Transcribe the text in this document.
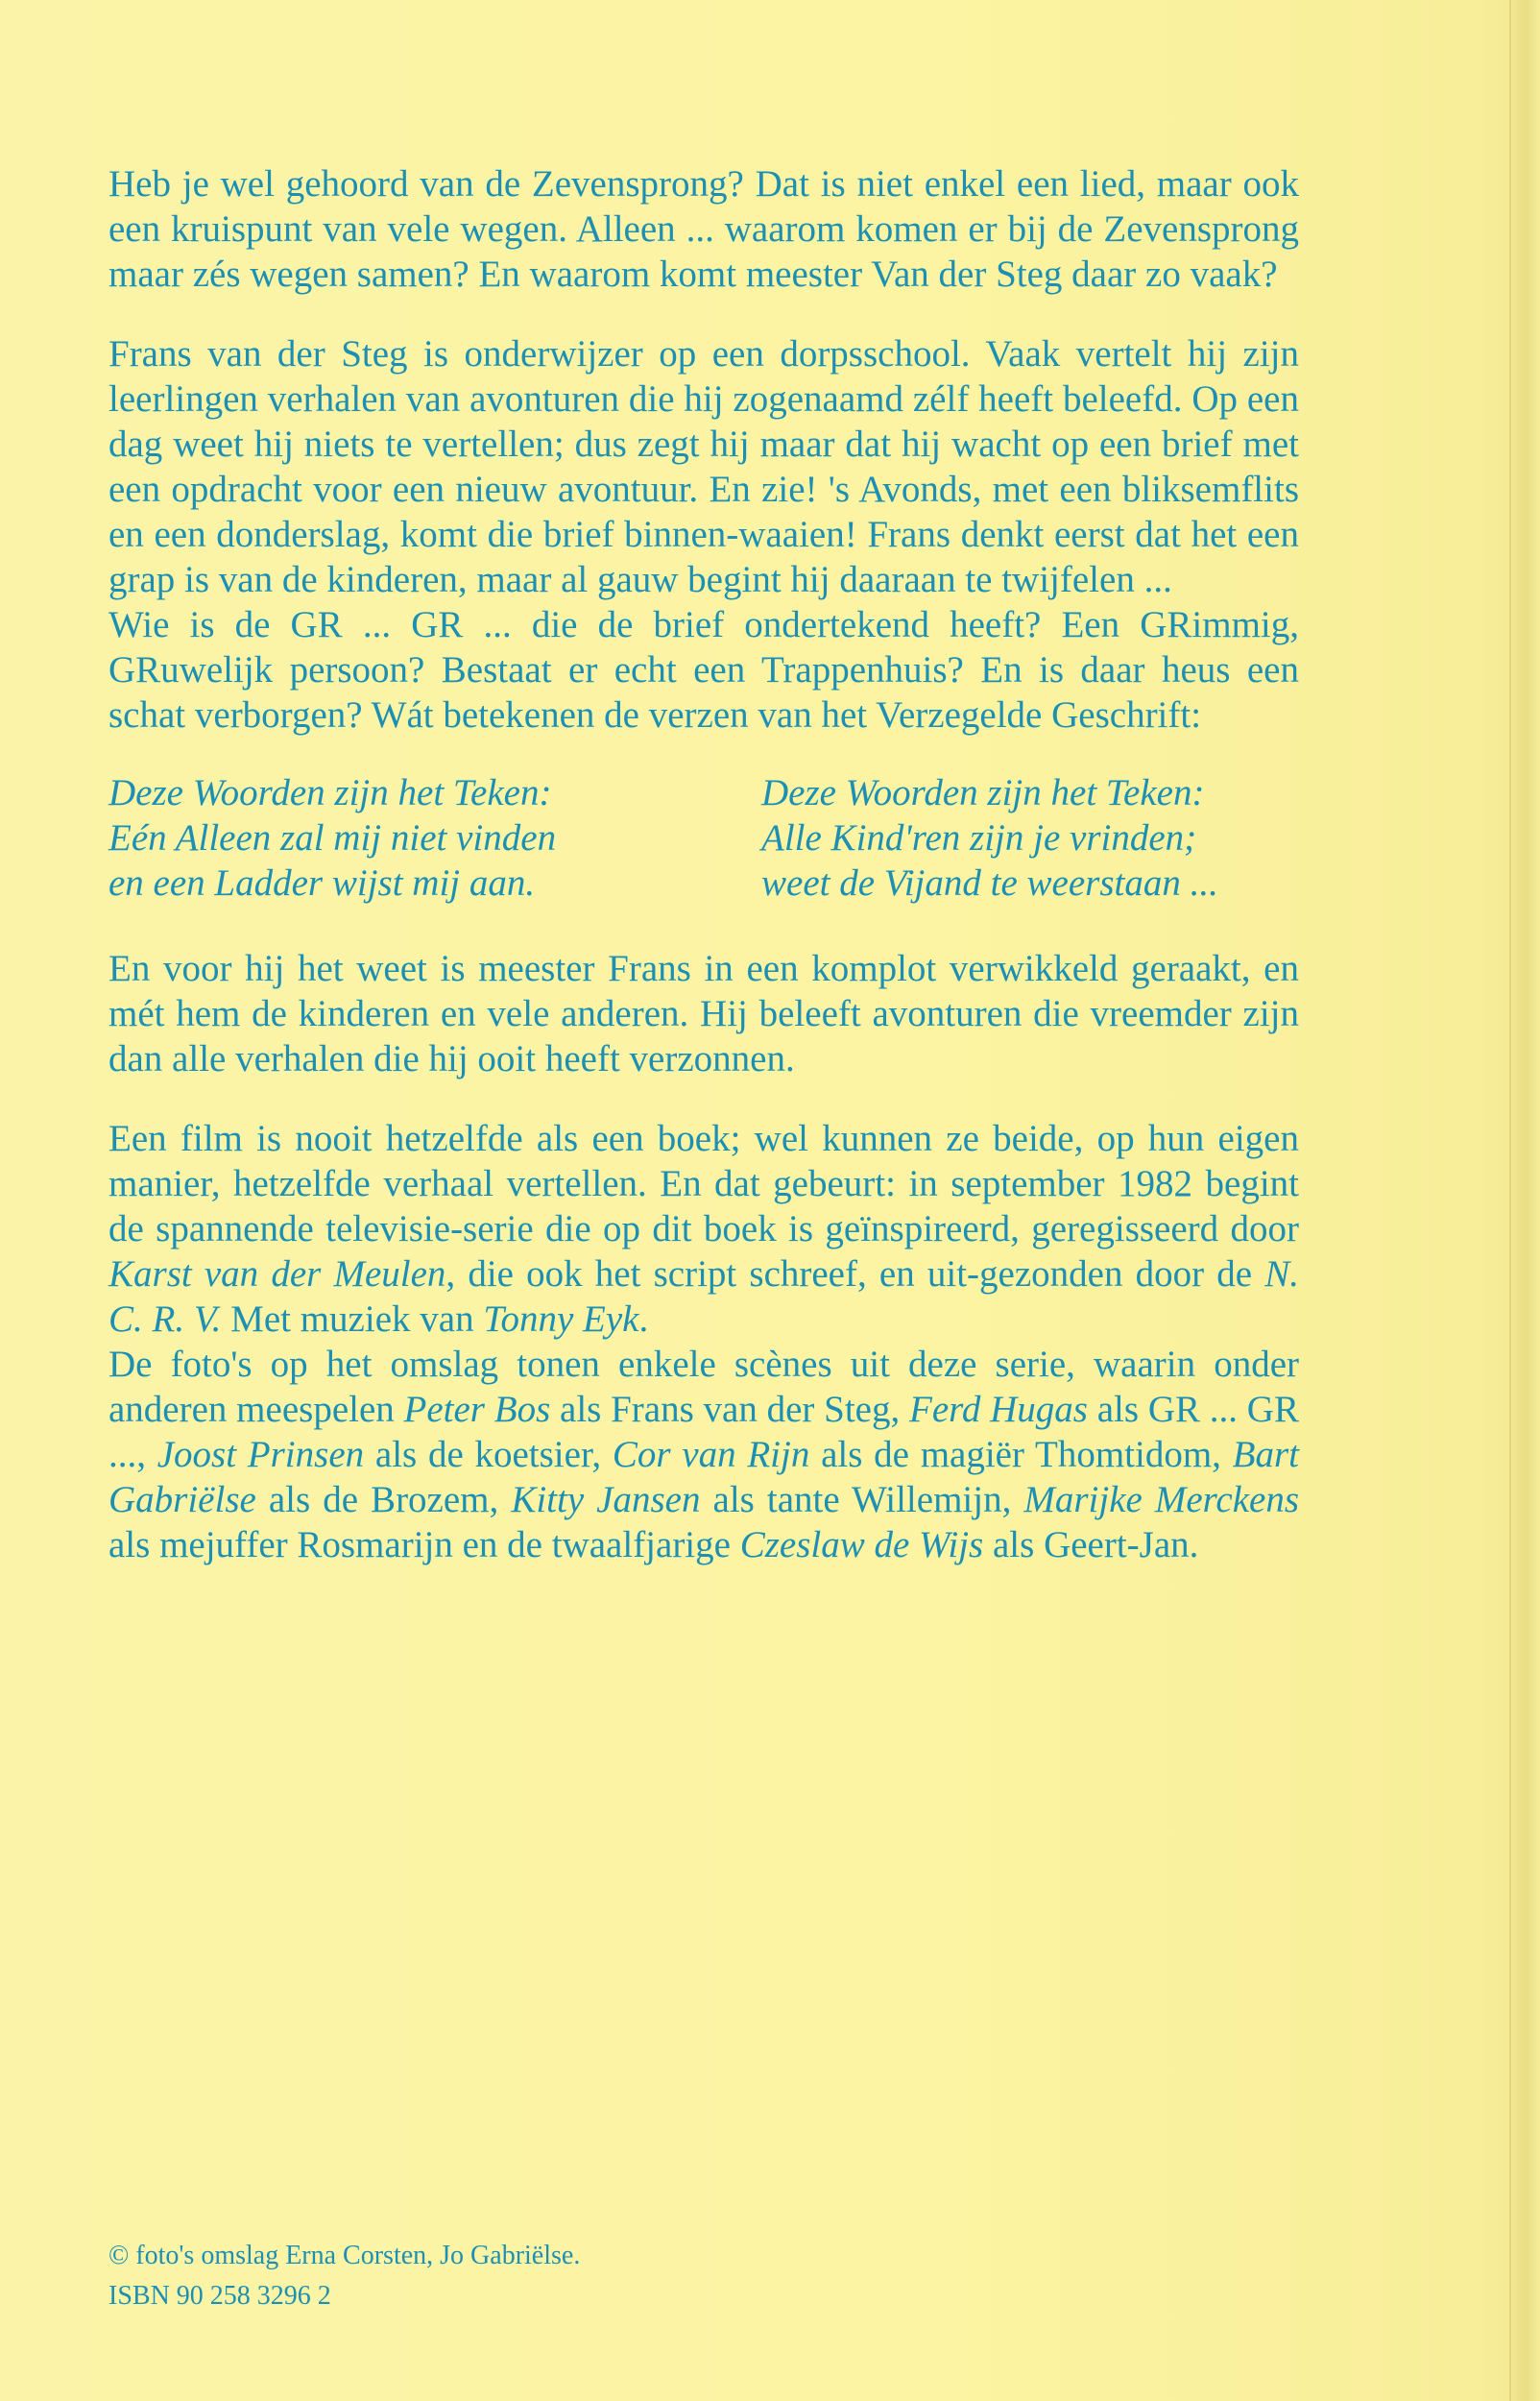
Heb je wel gehoord van de Zevensprong? Dat is niet enkel een lied, maar ook een kruispunt van vele wegen. Alleen ... waarom komen er bij de Zevensprong maar zés wegen samen? En waarom komt meester Van der Steg daar zo vaak?

Frans van der Steg is onderwijzer op een dorpsschool. Vaak vertelt hij zijn leerlingen verhalen van avonturen die hij zogenaamd zélf heeft beleefd. Op een dag weet hij niets te vertellen; dus zegt hij maar dat hij wacht op een brief met een opdracht voor een nieuw avontuur. En zie! 's Avonds, met een bliksemflits en een donderslag, komt die brief binnen-waaien! Frans denkt eerst dat het een grap is van de kinderen, maar al gauw begint hij daaraan te twijfelen ...

Wie is de GR ... GR ... die de brief ondertekend heeft? Een GRimmig, GRuwelijk persoon? Bestaat er echt een Trappenhuis? En is daar heus een schat verborgen? Wát betekenen de verzen van het Verzegelde Geschrift:

Deze Woorden zijn het Teken:
Eén Alleen zal mij niet vinden
en een Ladder wijst mij aan.
Deze Woorden zijn het Teken:
Alle Kind'ren zijn je vrinden;
weet de Vijand te weerstaan ...

En voor hij het weet is meester Frans in een komplot verwikkeld geraakt, en mét hem de kinderen en vele anderen. Hij beleeft avonturen die vreemder zijn dan alle verhalen die hij ooit heeft verzonnen.

Een film is nooit hetzelfde als een boek; wel kunnen ze beide, op hun eigen manier, hetzelfde verhaal vertellen. En dat gebeurt: in september 1982 begint de spannende televisie-serie die op dit boek is geïnspireerd, geregisseerd door Karst van der Meulen, die ook het script schreef, en uit-gezonden door de N. C. R. V. Met muziek van Tonny Eyk.

De foto's op het omslag tonen enkele scènes uit deze serie, waarin onder anderen meespelen Peter Bos als Frans van der Steg, Ferd Hugas als GR ... GR ..., Joost Prinsen als de koetsier, Cor van Rijn als de magiër Thomtidom, Bart Gabriëlse als de Brozem, Kitty Jansen als tante Willemijn, Marijke Merckens als mejuffer Rosmarijn en de twaalfjarige Czeslaw de Wijs als Geert-Jan.

© foto's omslag Erna Corsten, Jo Gabriëlse.
ISBN 90 258 3296 2
